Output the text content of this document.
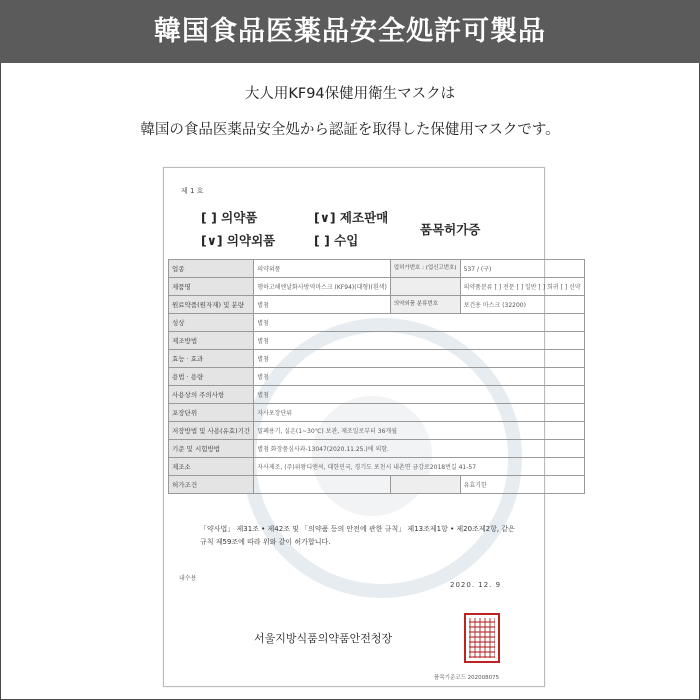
韓国食品医薬品安全処許可製品
大人用KF94保健用衛生マスクは
韓国の食品医薬品安全処から認証を取得した保健用マスクです。
제 1 호
[ ] 의약품	[∨] 제조판매
[∨] 의약외품	[ ] 수입
품목허가증
업종	의약외품	업허가번호 : (업신고번호)	537 / (구)
제품명	행하고해엔날화사방역마스크 (KF94)(대형)(흰색)		의약품분류 [ ] 전문 [ ] 일반 [ ] 희귀 [ ] 신약
원료약품(원자재) 및 분량	별첨	의약외품 분류번호	보건용 마스크 (32200)
성상	별첨		
제조방법	별첨		
효능 · 효과	별첨		
용법 · 용량	별첨		
사용상의 주의사항	별첨		
포장단위	자사포장단위		
저장방법 및 사용(유효)기간	밀폐용기, 실온(1~30℃) 보관, 제조일로부터 36개월		
기준 및 시험방법	별첨 화장품심사과-13047(2020.11.25.)에 의함.		
제조소	자사제조, (주)위왕디앤씨, 대한민국, 경기도 포천시 내촌면 금강로2018번길 41-57		
허가조건			유효기한
「약사법」 제31조 • 제42조 및 「의약품 등의 안전에 관한 규칙」 제13조제1항 • 제20조제2항, 같은 규칙 제59조에 따라 위와 같이 허가합니다.
내수용
2020. 12. 9
서울지방식품의약품안전청장
품목기준코드 202008075
